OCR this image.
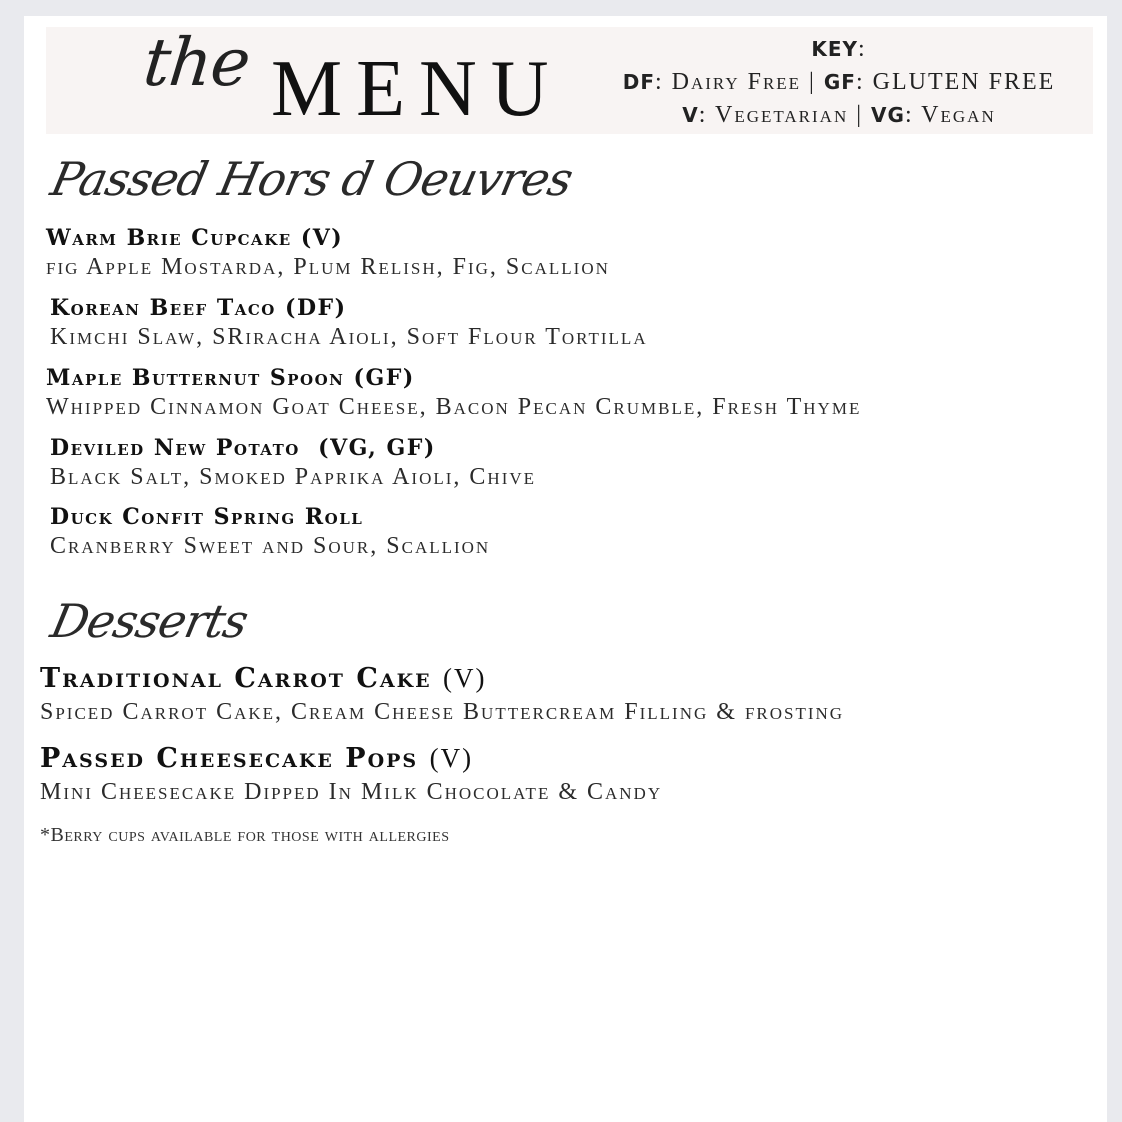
the MENU	KEY:
DF: Dairy Free | GF: GLUTEN FREE
V: Vegetarian | VG: Vegan
Passed Hors d Oeuvres
Warm Brie Cupcake (V)
fig Apple Mostarda, Plum Relish, Fig, Scallion
Korean Beef Taco (DF)
Kimchi Slaw, SRiracha Aioli, Soft Flour Tortilla
Maple Butternut Spoon (GF)
Whipped Cinnamon Goat Cheese, Bacon Pecan Crumble, Fresh Thyme
Deviled New Potato  (VG, GF)
Black Salt, Smoked Paprika Aioli, Chive
Duck Confit Spring Roll
Cranberry Sweet and Sour, Scallion
Desserts
Traditional Carrot Cake (V)
Spiced Carrot Cake, Cream Cheese Buttercream Filling & frosting
Passed Cheesecake Pops (V)
Mini Cheesecake Dipped In Milk Chocolate & Candy
*Berry cups available for those with allergies
